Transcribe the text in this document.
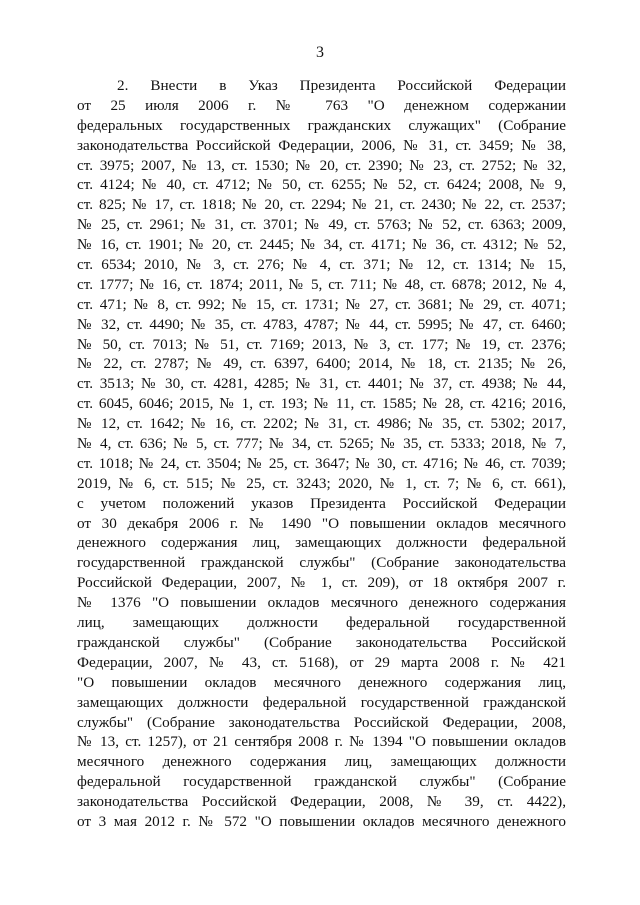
3
2. Внести в Указ Президента Российской Федерации
от 25 июля 2006 г. № 763 "О денежном содержании
федеральных государственных гражданских служащих" (Собрание
законодательства Российской Федерации, 2006, № 31, ст. 3459; № 38,
ст. 3975; 2007, № 13, ст. 1530; № 20, ст. 2390; № 23, ст. 2752; № 32,
ст. 4124; № 40, ст. 4712; № 50, ст. 6255; № 52, ст. 6424; 2008, № 9,
ст. 825; № 17, ст. 1818; № 20, ст. 2294; № 21, ст. 2430; № 22, ст. 2537;
№ 25, ст. 2961; № 31, ст. 3701; № 49, ст. 5763; № 52, ст. 6363; 2009,
№ 16, ст. 1901; № 20, ст. 2445; № 34, ст. 4171; № 36, ст. 4312; № 52,
ст. 6534; 2010, № 3, ст. 276; № 4, ст. 371; № 12, ст. 1314; № 15,
ст. 1777; № 16, ст. 1874; 2011, № 5, ст. 711; № 48, ст. 6878; 2012, № 4,
ст. 471; № 8, ст. 992; № 15, ст. 1731; № 27, ст. 3681; № 29, ст. 4071;
№ 32, ст. 4490; № 35, ст. 4783, 4787; № 44, ст. 5995; № 47, ст. 6460;
№ 50, ст. 7013; № 51, ст. 7169; 2013, № 3, ст. 177; № 19, ст. 2376;
№ 22, ст. 2787; № 49, ст. 6397, 6400; 2014, № 18, ст. 2135; № 26,
ст. 3513; № 30, ст. 4281, 4285; № 31, ст. 4401; № 37, ст. 4938; № 44,
ст. 6045, 6046; 2015, № 1, ст. 193; № 11, ст. 1585; № 28, ст. 4216; 2016,
№ 12, ст. 1642; № 16, ст. 2202; № 31, ст. 4986; № 35, ст. 5302; 2017,
№ 4, ст. 636; № 5, ст. 777; № 34, ст. 5265; № 35, ст. 5333; 2018, № 7,
ст. 1018; № 24, ст. 3504; № 25, ст. 3647; № 30, ст. 4716; № 46, ст. 7039;
2019, № 6, ст. 515; № 25, ст. 3243; 2020, № 1, ст. 7; № 6, ст. 661),
с учетом положений указов Президента Российской Федерации
от 30 декабря 2006 г. № 1490 "О повышении окладов месячного
денежного содержания лиц, замещающих должности федеральной
государственной гражданской службы" (Собрание законодательства
Российской Федерации, 2007, № 1, ст. 209), от 18 октября 2007 г.
№ 1376 "О повышении окладов месячного денежного содержания
лиц, замещающих должности федеральной государственной
гражданской службы" (Собрание законодательства Российской
Федерации, 2007, № 43, ст. 5168), от 29 марта 2008 г. № 421
"О повышении окладов месячного денежного содержания лиц,
замещающих должности федеральной государственной гражданской
службы" (Собрание законодательства Российской Федерации, 2008,
№ 13, ст. 1257), от 21 сентября 2008 г. № 1394 "О повышении окладов
месячного денежного содержания лиц, замещающих должности
федеральной государственной гражданской службы" (Собрание
законодательства Российской Федерации, 2008, № 39, ст. 4422),
от 3 мая 2012 г. № 572 "О повышении окладов месячного денежного
